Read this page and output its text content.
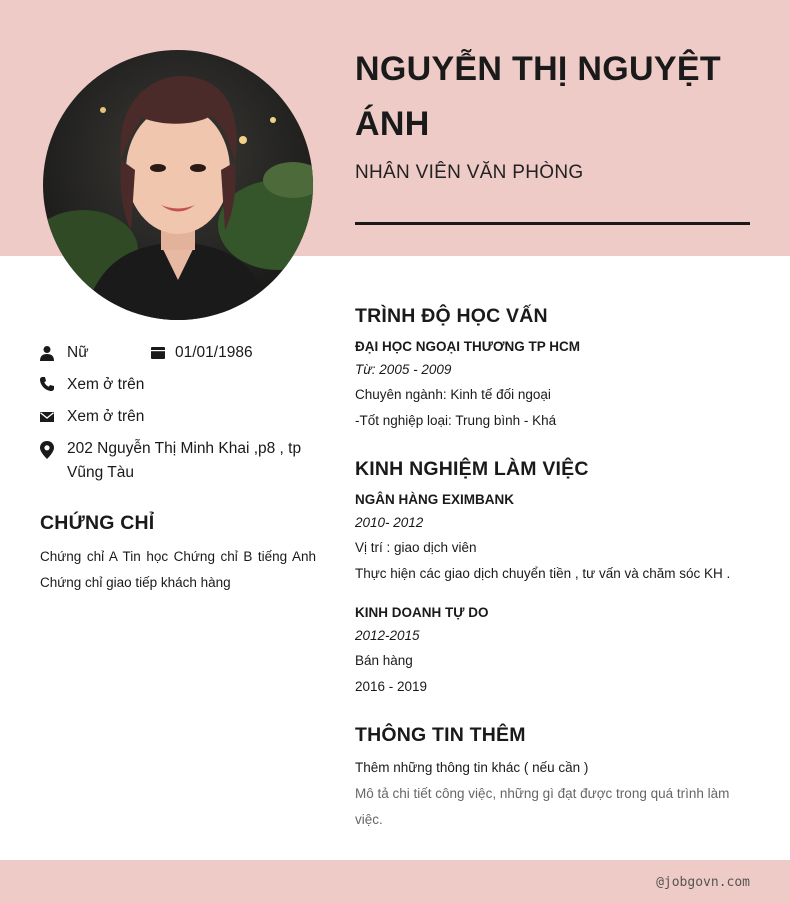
NGUYỄN THỊ NGUYỆT ÁNH
NHÂN VIÊN VĂN PHÒNG
Nữ	01/01/1986
Xem ở trên
Xem ở trên
202 Nguyễn Thị Minh Khai ,p8 , tp Vũng Tàu
CHỨNG CHỈ
Chứng chỉ A Tin học Chứng chỉ B tiếng Anh Chứng chỉ giao tiếp khách hàng
TRÌNH ĐỘ HỌC VẤN
ĐẠI HỌC NGOẠI THƯƠNG TP HCM
Từ: 2005 - 2009
Chuyên ngành: Kinh tế đối ngoại
-Tốt nghiệp loại: Trung bình - Khá
KINH NGHIỆM LÀM VIỆC
NGÂN HÀNG EXIMBANK
2010- 2012
Vị trí : giao dịch viên
Thực hiện các giao dịch chuyển tiền , tư vấn và chăm sóc KH .
KINH DOANH TỰ DO
2012-2015
Bán hàng
2016 - 2019
THÔNG TIN THÊM
Thêm những thông tin khác ( nếu cần )
Mô tả chi tiết công việc, những gì đạt được trong quá trình làm việc.
@jobgovn.com
